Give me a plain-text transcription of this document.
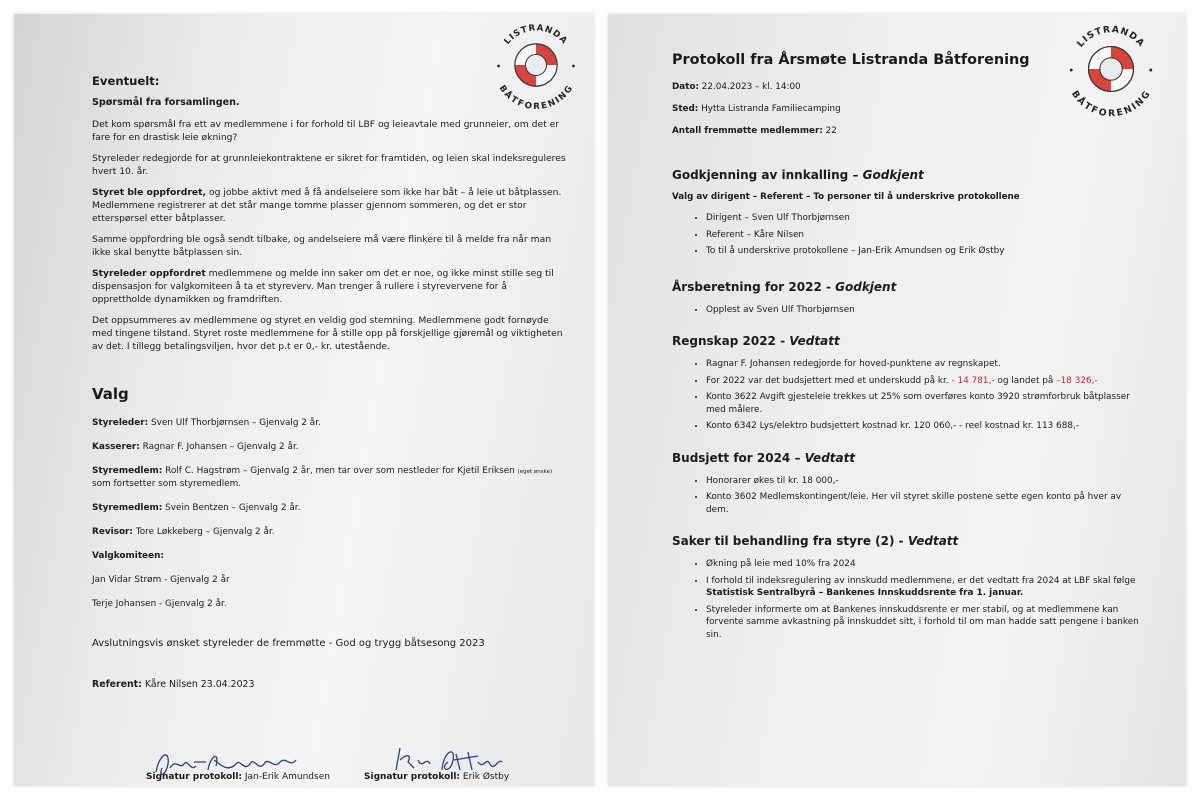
LISTRANDA
BÅTFORENING
Eventuelt:
Spørsmål fra forsamlingen.

Det kom spørsmål fra ett av medlemmene i for forhold til LBF og leieavtale med grunneier, om det er fare for en drastisk leie økning?

Styreleder redegjorde for at grunnleiekontraktene er sikret for framtiden, og leien skal indeksreguleres hvert 10. år.

Styret ble oppfordret, og jobbe aktivt med å få andelseiere som ikke har båt – å leie ut båtplassen. Medlemmene registrerer at det står mange tomme plasser gjennom sommeren, og det er stor etterspørsel etter båtplasser.

Samme oppfordring ble også sendt tilbake, og andelseiere må være flinkere til å melde fra når man ikke skal benytte båtplassen sin.

Styreleder oppfordret medlemmene og melde inn saker om det er noe, og ikke minst stille seg til dispensasjon for valgkomiteen å ta et styreverv. Man trenger å rullere i styrevervene for å opprettholde dynamikken og framdriften.

Det oppsummeres av medlemmene og styret en veldig god stemning. Medlemmene godt fornøyde med tingene tilstand. Styret roste medlemmene for å stille opp på forskjellige gjøremål og viktigheten av det. I tillegg betalingsviljen, hvor det p.t er 0,- kr. utestående.

Valg
Styreleder: Sven Ulf Thorbjørnsen – Gjenvalg 2 år.
Kasserer: Ragnar F. Johansen – Gjenvalg 2 år.
Styremedlem: Rolf C. Hagstrøm – Gjenvalg 2 år, men tar over som nestleder for Kjetil Eriksen (eget ønske) som fortsetter som styremedlem.
Styremedlem: Svein Bentzen – Gjenvalg 2 år.
Revisor: Tore Løkkeberg – Gjenvalg 2 år.
Valgkomiteen:
Jan Vidar Strøm - Gjenvalg 2 år
Terje Johansen - Gjenvalg 2 år.
Avslutningsvis ønsket styreleder de fremmøtte - God og trygg båtsesong 2023
Referent: Kåre Nilsen 23.04.2023
Signatur protokoll: Jan-Erik Amundsen	Signatur protokoll: Erik Østby
LISTRANDA
BÅTFORENING
Protokoll fra Årsmøte Listranda Båtforening
Dato: 22.04.2023 – kl. 14:00
Sted: Hytta Listranda Familiecamping
Antall fremmøtte medlemmer: 22
Godkjenning av innkalling – Godkjent
Valg av dirigent – Referent – To personer til å underskrive protokollene
• Dirigent – Sven Ulf Thorbjørnsen
• Referent – Kåre Nilsen
• To til å underskrive protokollene – Jan-Erik Amundsen og Erik Østby
Årsberetning for 2022 - Godkjent
• Opplest av Sven Ulf Thorbjørnsen
Regnskap 2022 - Vedtatt
• Ragnar F. Johansen redegjorde for hoved-punktene av regnskapet.
• For 2022 var det budsjettert med et underskudd på kr. - 14 781,- og landet på –18 326,-
• Konto 3622 Avgift gjesteleie trekkes ut 25% som overføres konto 3920 strømforbruk båtplasser med målere.
• Konto 6342 Lys/elektro budsjettert kostnad kr. 120 060,- - reel kostnad kr. 113 688,-
Budsjett for 2024 – Vedtatt
• Honorarer økes til kr. 18 000,-
• Konto 3602 Medlemskontingent/leie. Her vil styret skille postene sette egen konto på hver av dem.
Saker til behandling fra styre (2) - Vedtatt
• Økning på leie med 10% fra 2024
• I forhold til indeksregulering av innskudd medlemmene, er det vedtatt fra 2024 at LBF skal følge Statistisk Sentralbyrå – Bankenes Innskuddsrente fra 1. januar.
• Styreleder informerte om at Bankenes innskuddsrente er mer stabil, og at medlemmene kan forvente samme avkastning på innskuddet sitt, i forhold til om man hadde satt pengene i banken sin.
